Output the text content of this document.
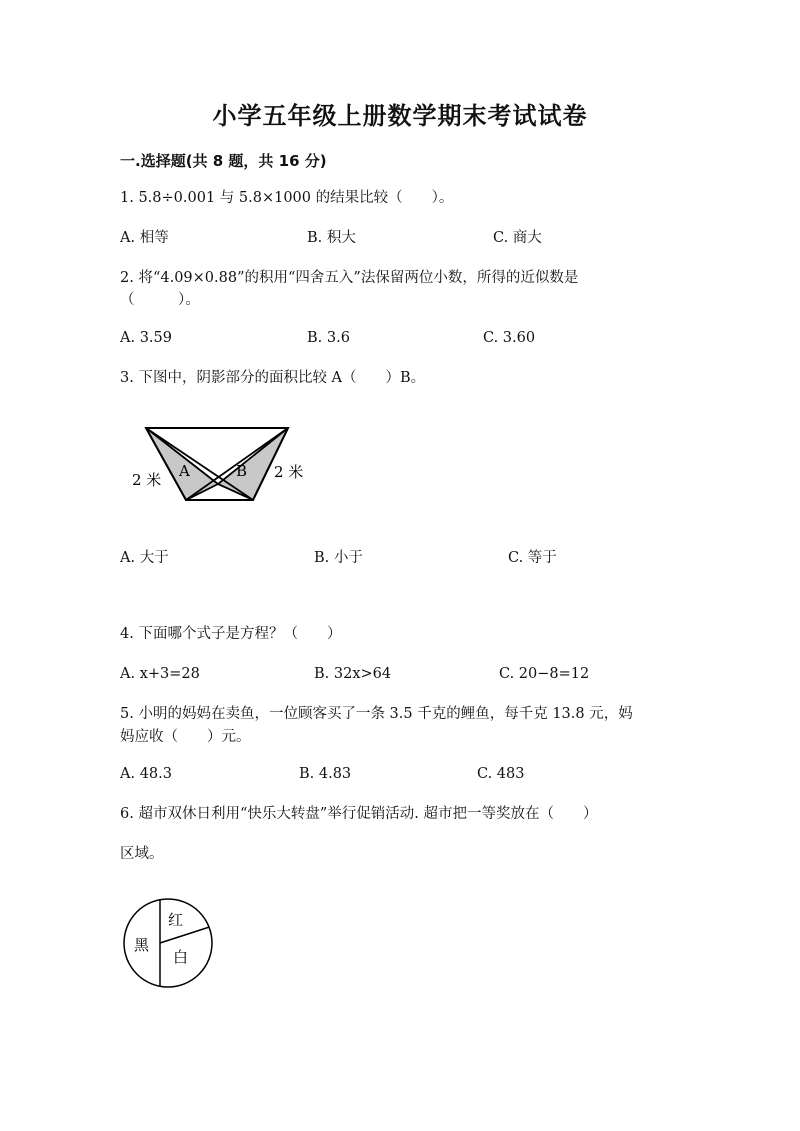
小学五年级上册数学期末考试试卷
一.选择题(共 8 题，共 16 分)
1. 5.8÷0.001 与 5.8×1000 的结果比较（　　）。
A. 相等	B. 积大	C. 商大
2. 将“4.09×0.88”的积用“四舍五入”法保留两位小数，所得的近似数是
（　　　）。
A. 3.59	B. 3.6	C. 3.60
3. 下图中，阴影部分的面积比较 A（　　）B。
A	B
2 米	2 米
A. 大于	B. 小于	C. 等于
4. 下面哪个式子是方程？（　　）
A. x+3=28	B. 32x>64	C. 20−8=12
5. 小明的妈妈在卖鱼，一位顾客买了一条 3.5 千克的鲤鱼，每千克 13.8 元，妈
妈应收（　　）元。
A. 48.3	B. 4.83	C. 483
6. 超市双休日利用“快乐大转盘”举行促销活动. 超市把一等奖放在（　　）
区域。
黑
红
白
